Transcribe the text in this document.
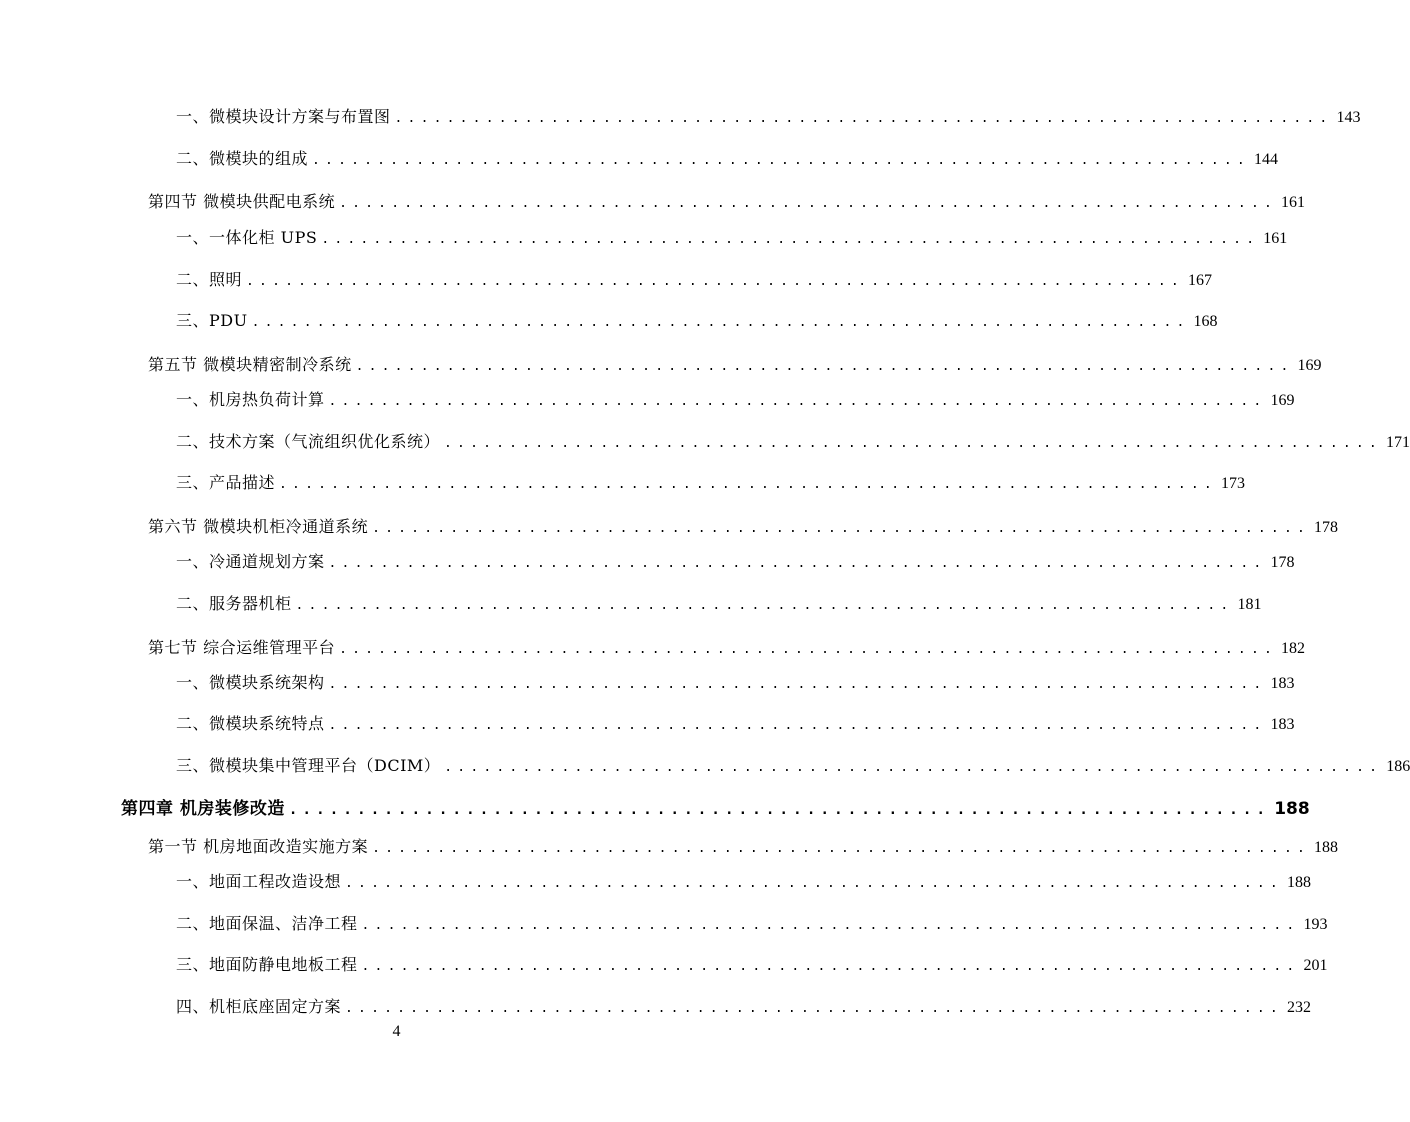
一、微模块设计方案与布置图 ........................................................................ 143
二、微模块的组成 ........................................................................ 144
第四节 微模块供配电系统 ........................................................................ 161
一、一体化柜 UPS ........................................................................ 161
二、照明 ........................................................................ 167
三、PDU ........................................................................ 168
第五节 微模块精密制冷系统 ........................................................................ 169
一、机房热负荷计算 ........................................................................ 169
二、技术方案（气流组织优化系统） ........................................................................ 171
三、产品描述 ........................................................................ 173
第六节 微模块机柜冷通道系统 ........................................................................ 178
一、冷通道规划方案 ........................................................................ 178
二、服务器机柜 ........................................................................ 181
第七节 综合运维管理平台 ........................................................................ 182
一、微模块系统架构 ........................................................................ 183
二、微模块系统特点 ........................................................................ 183
三、微模块集中管理平台（DCIM） ........................................................................ 186
第四章 机房装修改造 ........................................................................ 188
第一节 机房地面改造实施方案 ........................................................................ 188
一、地面工程改造设想 ........................................................................ 188
二、地面保温、洁净工程 ........................................................................ 193
三、地面防静电地板工程 ........................................................................ 201
四、机柜底座固定方案 ........................................................................ 232
4
